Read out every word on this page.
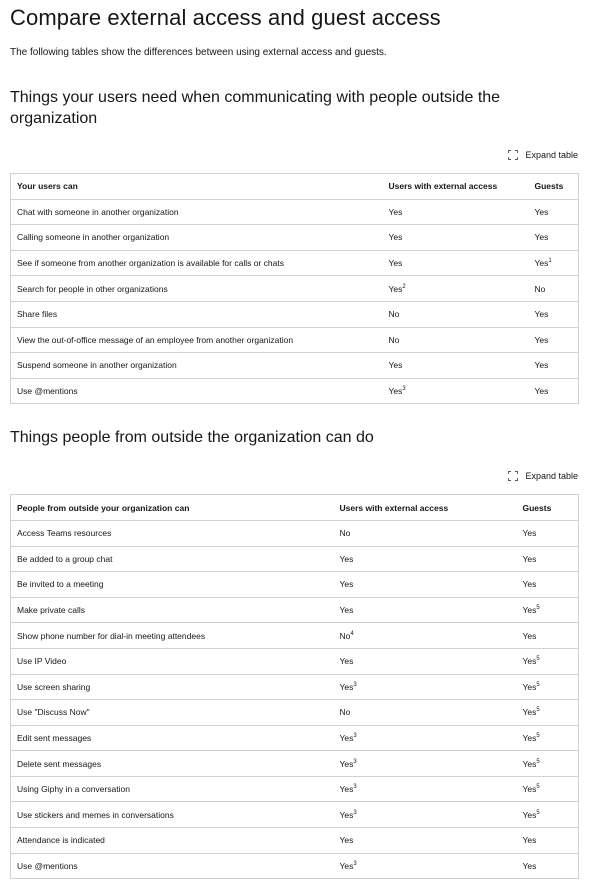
Compare external access and guest access

The following tables show the differences between using external access and guests.

Things your users need when communicating with people outside the organization
Expand table
Your users can	Users with external access	Guests
Chat with someone in another organization	Yes	Yes
Calling someone in another organization	Yes	Yes
See if someone from another organization is available for calls or chats	Yes	Yes$^1$
Search for people in other organizations	Yes$^2$	No
Share files	No	Yes
View the out-of-office message of an employee from another organization	No	Yes
Suspend someone in another organization	Yes	Yes
Use @mentions	Yes$^3$	Yes
Things people from outside the organization can do
Expand table
People from outside your organization can	Users with external access	Guests
Access Teams resources	No	Yes
Be added to a group chat	Yes	Yes
Be invited to a meeting	Yes	Yes
Make private calls	Yes	Yes$^5$
Show phone number for dial-in meeting attendees	No$^4$	Yes
Use IP Video	Yes	Yes$^5$
Use screen sharing	Yes$^3$	Yes$^5$
Use "Discuss Now"	No	Yes$^5$
Edit sent messages	Yes$^3$	Yes$^5$
Delete sent messages	Yes$^3$	Yes$^5$
Using Giphy in a conversation	Yes$^3$	Yes$^5$
Use stickers and memes in conversations	Yes$^3$	Yes$^5$
Attendance is indicated	Yes	Yes
Use @mentions	Yes$^3$	Yes
